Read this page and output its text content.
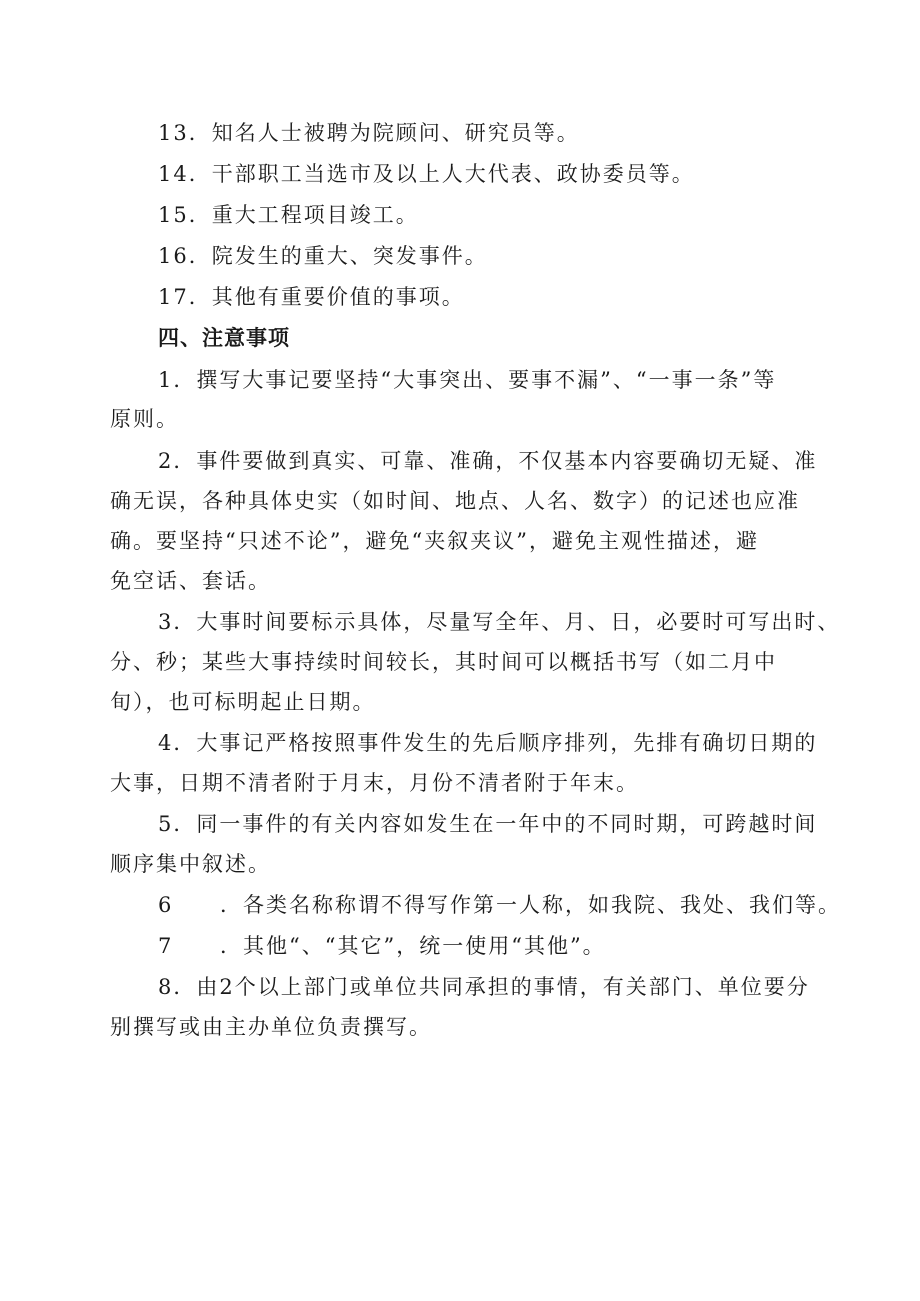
13．知名人士被聘为院顾问、研究员等。
14．干部职工当选市及以上人大代表、政协委员等。
15．重大工程项目竣工。
16．院发生的重大、突发事件。
17．其他有重要价值的事项。
四、注意事项
1．撰写大事记要坚持“大事突出、要事不漏”、“一事一条”等
原则。
2．事件要做到真实、可靠、准确，不仅基本内容要确切无疑、准
确无误，各种具体史实（如时间、地点、人名、数字）的记述也应准
确。要坚持“只述不论”，避免“夹叙夹议”，避免主观性描述，避
免空话、套话。
3．大事时间要标示具体，尽量写全年、月、日，必要时可写出时、
分、秒；某些大事持续时间较长，其时间可以概括书写（如二月中
旬），也可标明起止日期。
4．大事记严格按照事件发生的先后顺序排列，先排有确切日期的
大事，日期不清者附于月末，月份不清者附于年末。
5．同一事件的有关内容如发生在一年中的不同时期，可跨越时间
顺序集中叙述。
6 ．各类名称称谓不得写作第一人称，如我院、我处、我们等。
7 ．其他“、“其它”，统一使用“其他”。
8．由2个以上部门或单位共同承担的事情，有关部门、单位要分
别撰写或由主办单位负责撰写。
